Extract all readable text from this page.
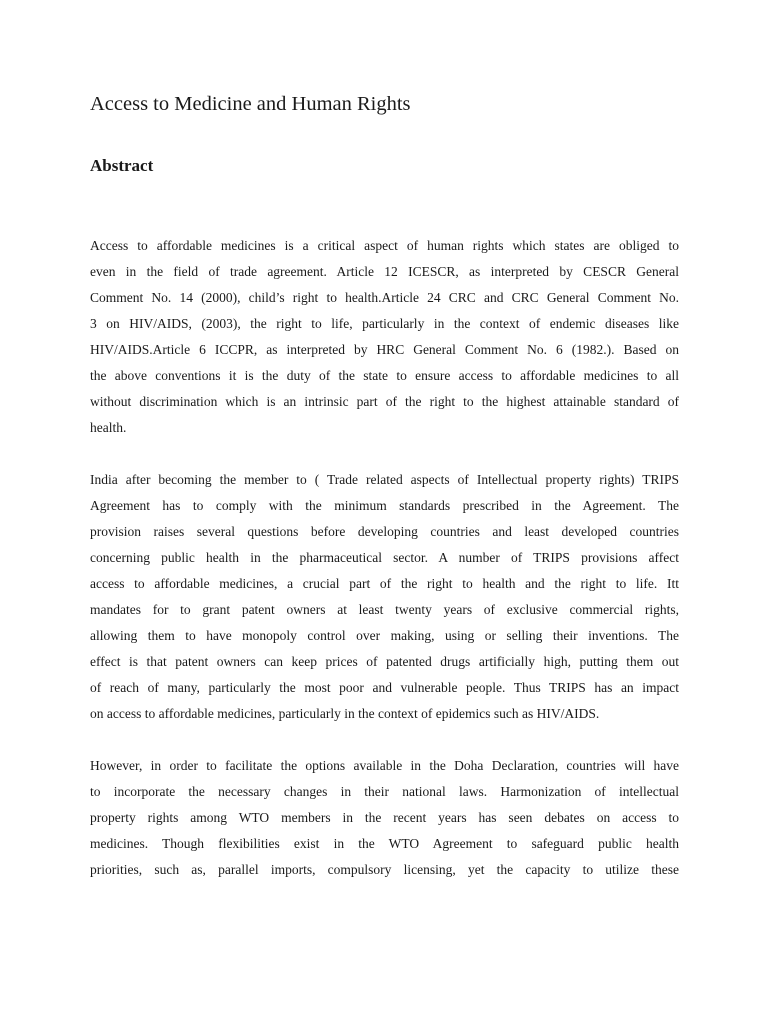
Access to Medicine and Human Rights
Abstract

Access to affordable medicines is a critical aspect of human rights which states are obliged to
even in the field of trade agreement. Article 12 ICESCR, as interpreted by CESCR General
Comment No. 14 (2000), child’s right to health.Article 24 CRC and CRC General Comment No.
3 on HIV/AIDS, (2003), the right to life, particularly in the context of endemic diseases like
HIV/AIDS.Article 6 ICCPR, as interpreted by HRC General Comment No. 6 (1982.). Based on
the above conventions it is the duty of the state to ensure access to affordable medicines to all
without discrimination which is an intrinsic part of the right to the highest attainable standard of
health.

India after becoming the member to ( Trade related aspects of Intellectual property rights) TRIPS
Agreement has to comply with the minimum standards prescribed in the Agreement. The
provision raises several questions before developing countries and least developed countries
concerning public health in the pharmaceutical sector. A number of TRIPS provisions affect
access to affordable medicines, a crucial part of the right to health and the right to life. Itt
mandates for to grant patent owners at least twenty years of exclusive commercial rights,
allowing them to have monopoly control over making, using or selling their inventions. The
effect is that patent owners can keep prices of patented drugs artificially high, putting them out
of reach of many, particularly the most poor and vulnerable people. Thus TRIPS has an impact
on access to affordable medicines, particularly in the context of epidemics such as HIV/AIDS.

However, in order to facilitate the options available in the Doha Declaration, countries will have
to incorporate the necessary changes in their national laws. Harmonization of intellectual
property rights among WTO members in the recent years has seen debates on access to
medicines. Though flexibilities exist in the WTO Agreement to safeguard public health
priorities, such as, parallel imports, compulsory licensing, yet the capacity to utilize these
